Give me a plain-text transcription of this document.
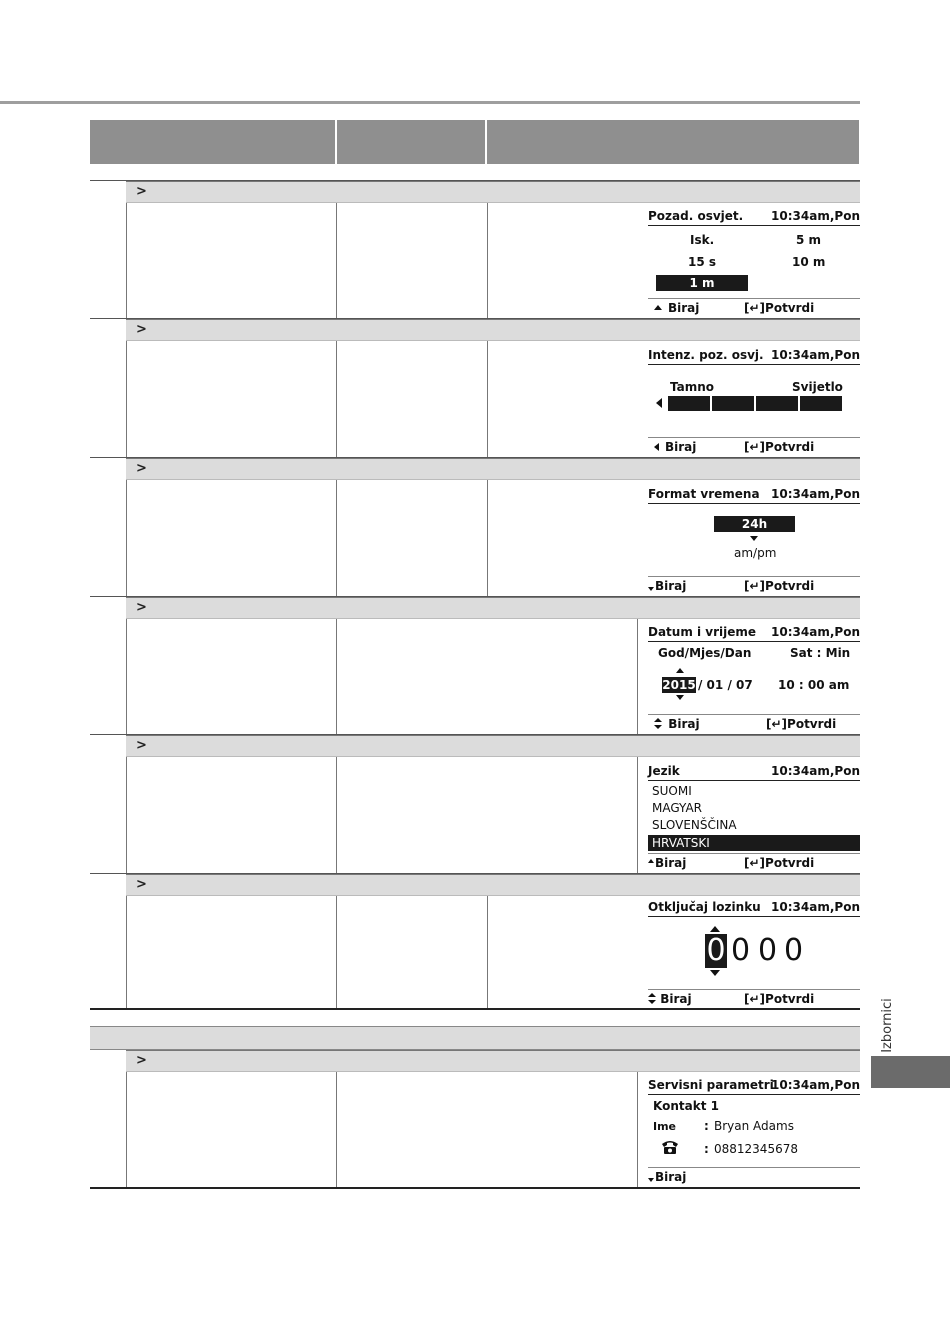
>
Pozad. osvjet. 10:34am,Pon
Isk.	5 m
15 s	10 m
1 m
Biraj	[↵]Potvrdi
>
Intenz. poz. osvj. 10:34am,Pon
Tamno	Svijetlo
Biraj	[↵]Potvrdi
>
Format vremena 10:34am,Pon
24h
am/pm
Biraj	[↵]Potvrdi
>
Datum i vrijeme 10:34am,Pon
God/Mjes/Dan	Sat : Min
2015 / 01 / 07 10 : 00 am
Biraj	[↵]Potvrdi
>
Jezik	10:34am,Pon
SUOMI
MAGYAR
SLOVENŠČINA
HRVATSKI
Biraj	[↵]Potvrdi
>
Otključaj lozinku 10:34am,Pon
0 0 0 0
Biraj	[↵]Potvrdi
>
Servisni parametri
10:34am,Pon
Kontakt 1
Ime : Bryan Adams
: 08812345678
Biraj
Izbornici
